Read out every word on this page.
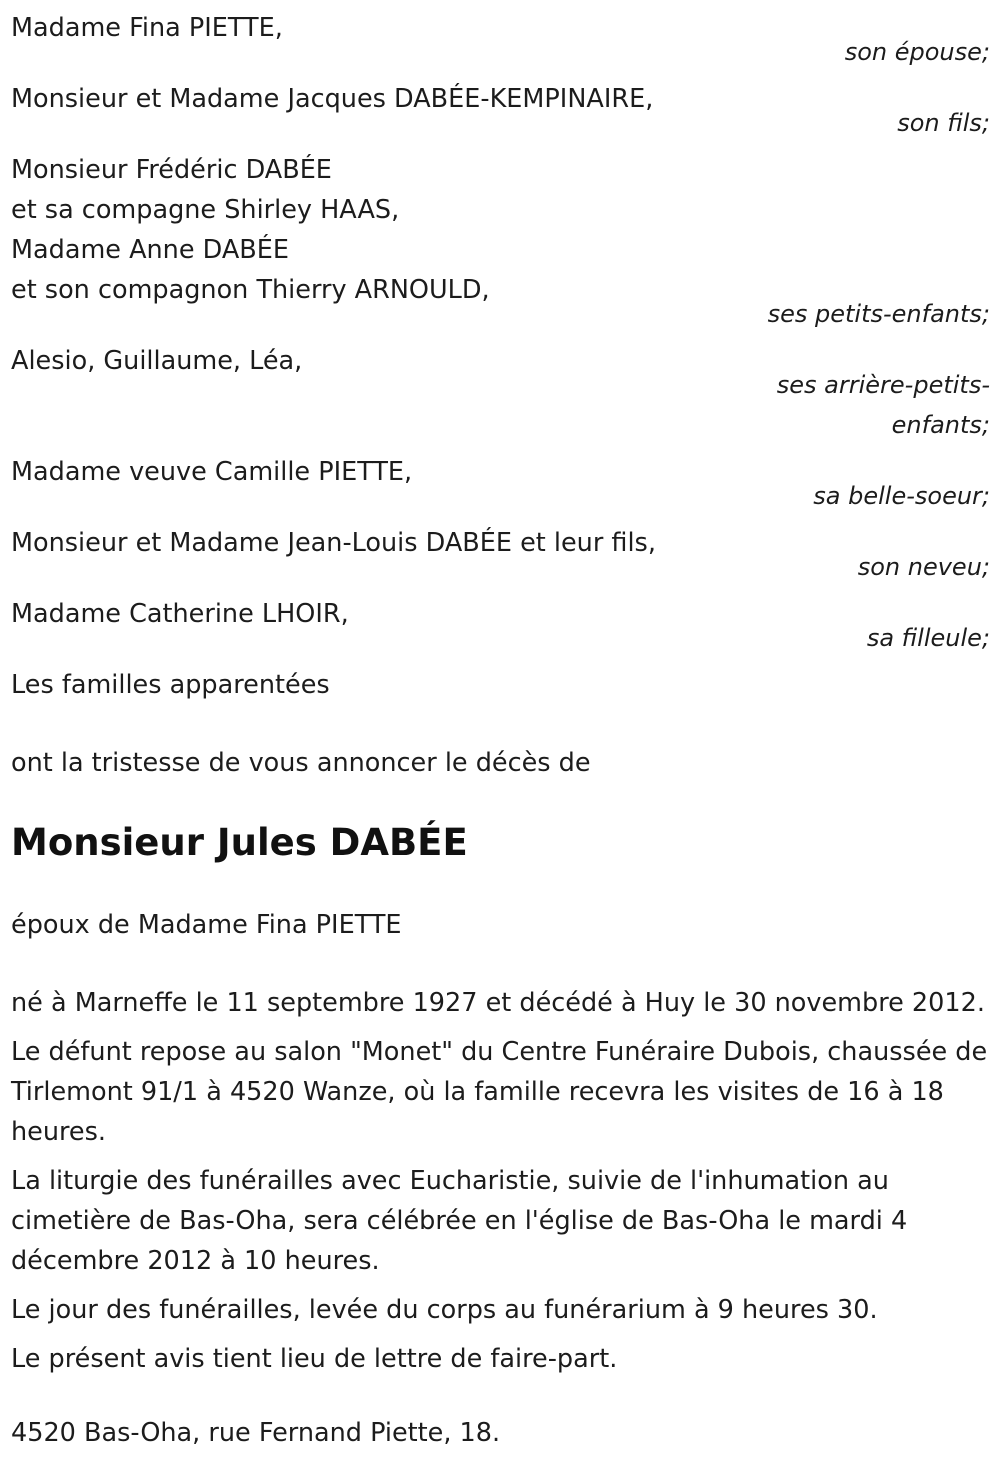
Madame Fina PIETTE,
son épouse;
Monsieur et Madame Jacques DABÉE-KEMPINAIRE,
son fils;
Monsieur Frédéric DABÉE
et sa compagne Shirley HAAS,
Madame Anne DABÉE
et son compagnon Thierry ARNOULD,
ses petits-enfants;
Alesio, Guillaume, Léa,
ses arrière-petits-enfants;
Madame veuve Camille PIETTE,
sa belle-soeur;
Monsieur et Madame Jean-Louis DABÉE et leur fils,
son neveu;
Madame Catherine LHOIR,
sa filleule;
Les familles apparentées
ont la tristesse de vous annoncer le décès de
Monsieur Jules DABÉE
époux de Madame Fina PIETTE

né à Marneffe le 11 septembre 1927 et décédé à Huy le 30 novembre 2012.

Le défunt repose au salon "Monet" du Centre Funéraire Dubois, chaussée de Tirlemont 91/1 à 4520 Wanze, où la famille recevra les visites de 16 à 18 heures.

La liturgie des funérailles avec Eucharistie, suivie de l'inhumation au cimetière de Bas-Oha, sera célébrée en l'église de Bas-Oha le mardi 4 décembre 2012 à 10 heures.

Le jour des funérailles, levée du corps au funérarium à 9 heures 30.

Le présent avis tient lieu de lettre de faire-part.

4520 Bas-Oha, rue Fernand Piette, 18.
